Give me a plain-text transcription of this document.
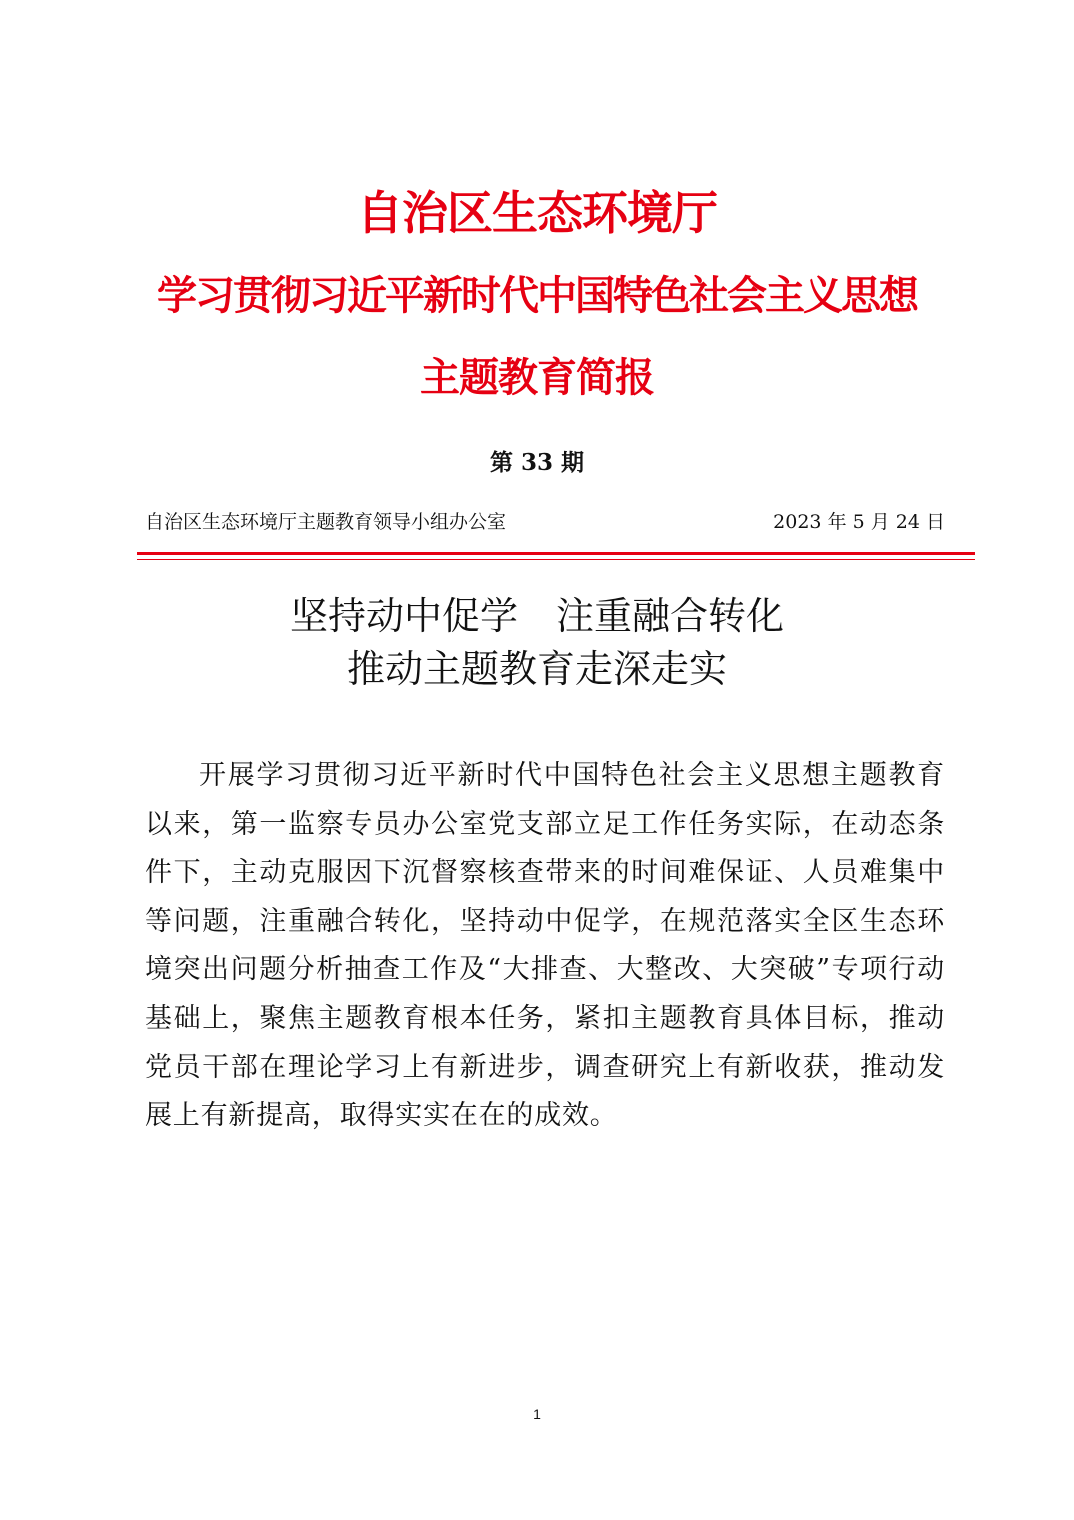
自治区生态环境厅
学习贯彻习近平新时代中国特色社会主义思想
主题教育简报
第 33 期
自治区生态环境厅主题教育领导小组办公室	2023 年 5 月 24 日
坚持动中促学　注重融合转化
推动主题教育走深走实

开展学习贯彻习近平新时代中国特色社会主义思想主题教育以来，第一监察专员办公室党支部立足工作任务实际，在动态条件下，主动克服因下沉督察核查带来的时间难保证、人员难集中等问题，注重融合转化，坚持动中促学，在规范落实全区生态环境突出问题分析抽查工作及“大排查、大整改、大突破”专项行动基础上，聚焦主题教育根本任务，紧扣主题教育具体目标，推动党员干部在理论学习上有新进步，调查研究上有新收获，推动发展上有新提高，取得实实在在的成效。

1
